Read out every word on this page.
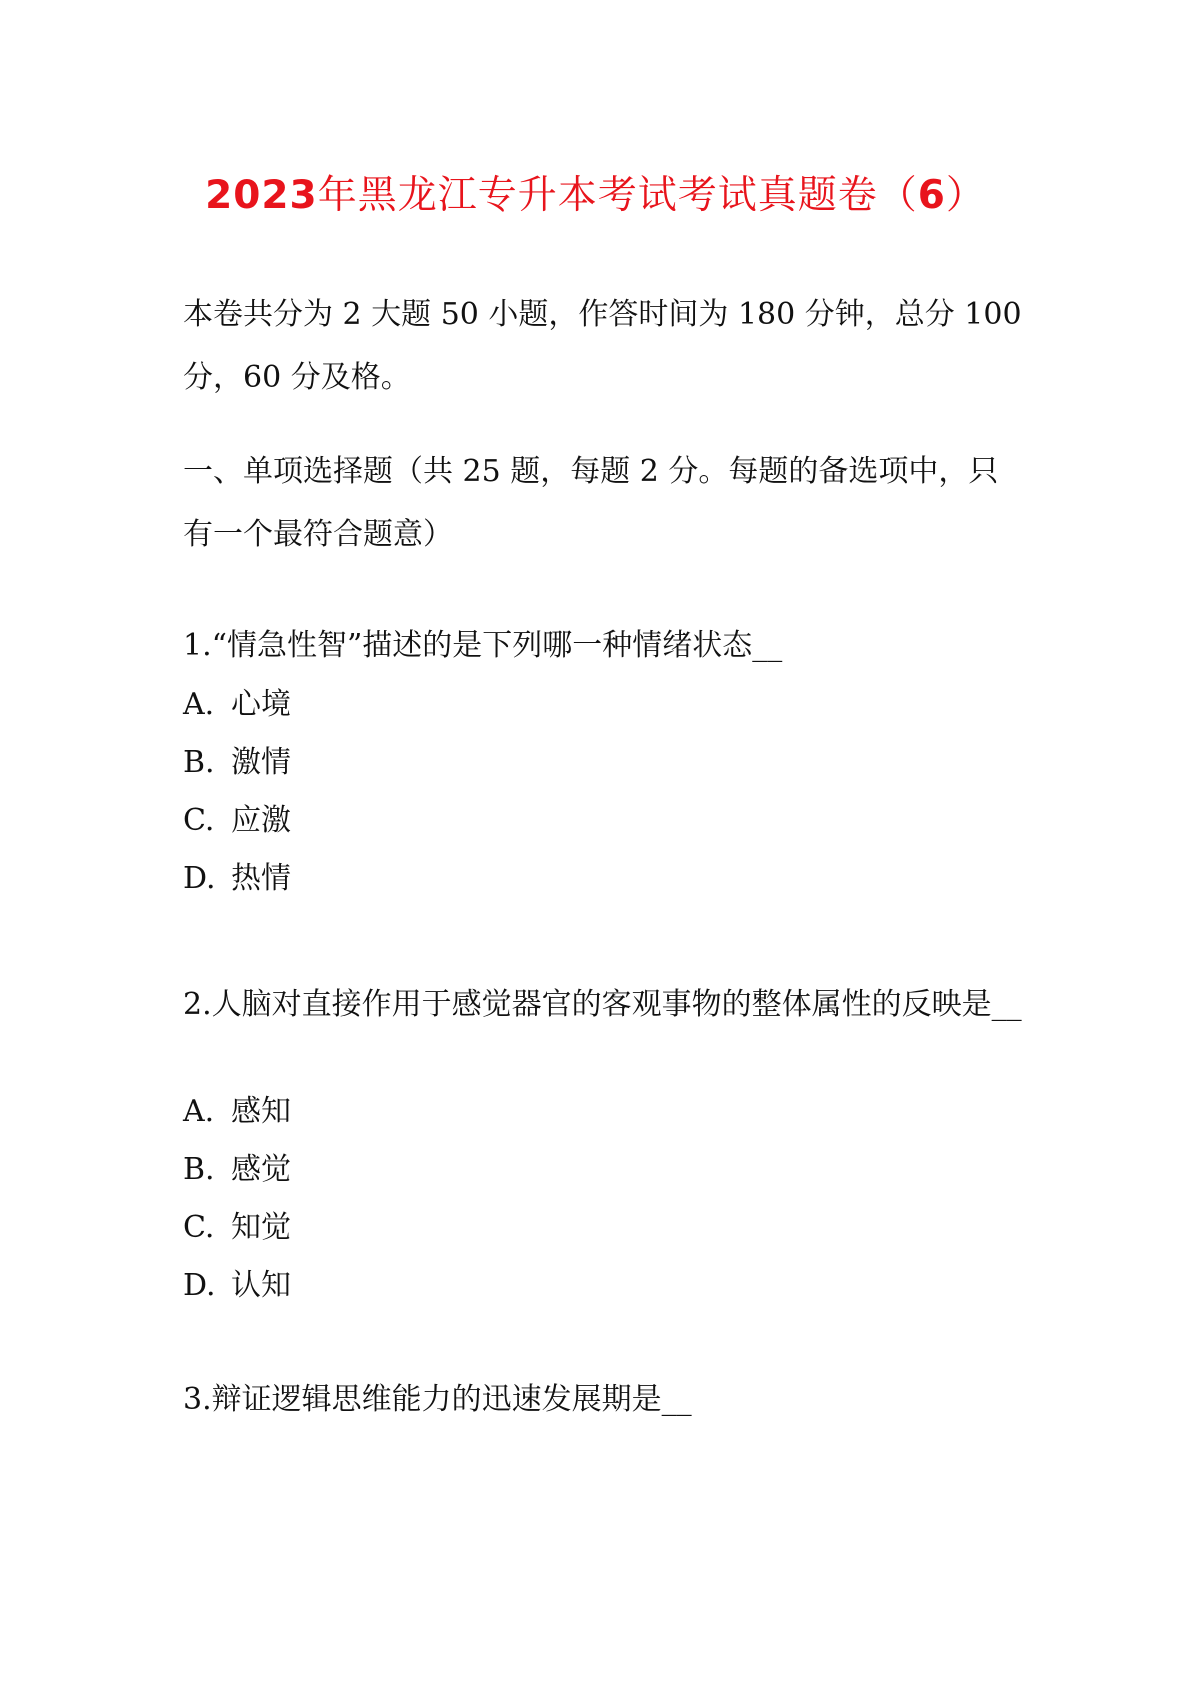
2023年黑龙江专升本考试考试真题卷（6）

本卷共分为 2 大题 50 小题，作答时间为 180 分钟，总分 100 分，60 分及格。

一、单项选择题（共 25 题，每题 2 分。每题的备选项中，只有一个最符合题意）

1.“情急性智”描述的是下列哪一种情绪状态__
A. 心境
B. 激情
C. 应激
D. 热情

2.人脑对直接作用于感觉器官的客观事物的整体属性的反映是__

A. 感知
B. 感觉
C. 知觉
D. 认知
3.辩证逻辑思维能力的迅速发展期是__
